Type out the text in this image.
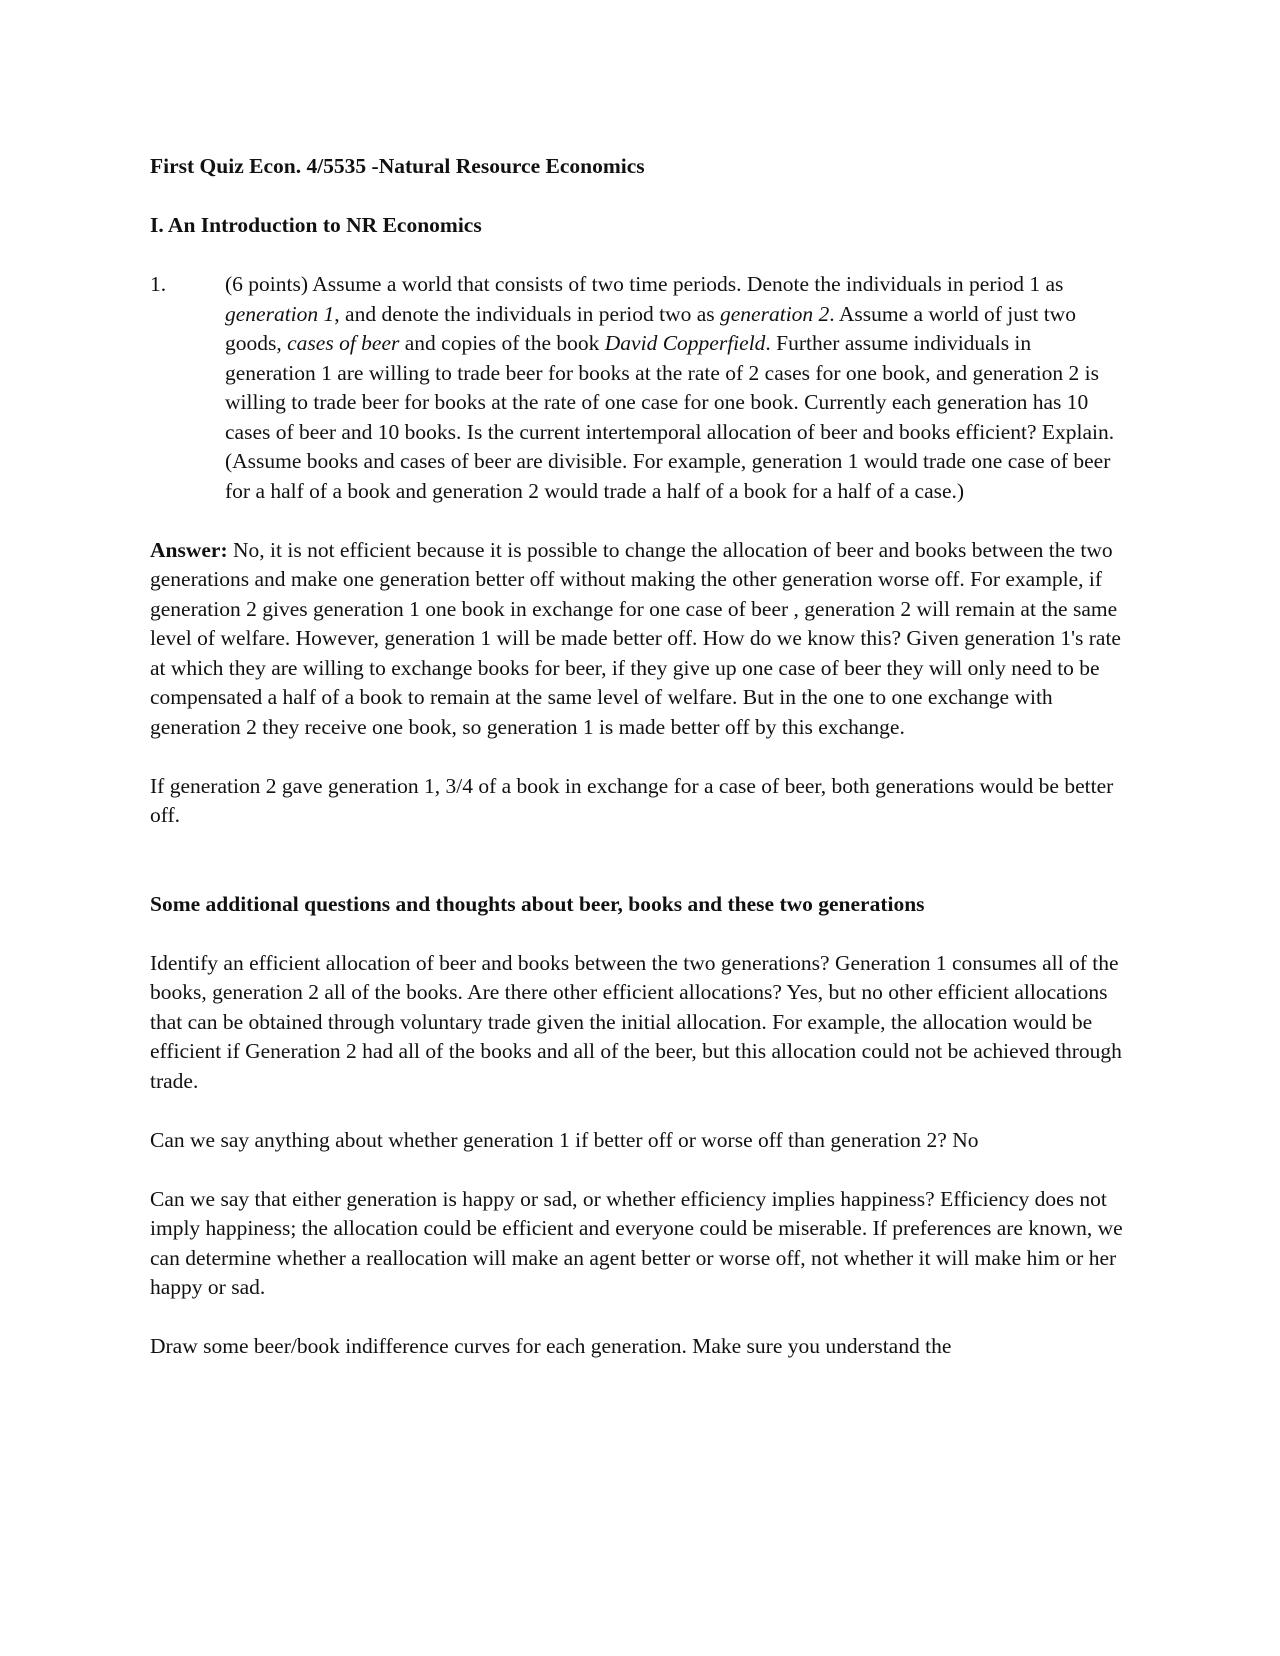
First Quiz Econ. 4/5535 -Natural Resource Economics

I. An Introduction to NR Economics

1.	(6 points) Assume a world that consists of two time periods. Denote the individuals in period 1 as generation 1, and denote the individuals in period two as generation 2. Assume a world of just two goods, cases of beer and copies of the book David Copperfield. Further assume individuals in generation 1 are willing to trade beer for books at the rate of 2 cases for one book, and generation 2 is willing to trade beer for books at the rate of one case for one book. Currently each generation has 10 cases of beer and 10 books. Is the current intertemporal allocation of beer and books efficient? Explain. (Assume books and cases of beer are divisible. For example, generation 1 would trade one case of beer for a half of a book and generation 2 would trade a half of a book for a half of a case.)

Answer: No, it is not efficient because it is possible to change the allocation of beer and books between the two generations and make one generation better off without making the other generation worse off. For example, if generation 2 gives generation 1 one book in exchange for one case of beer , generation 2 will remain at the same level of welfare. However, generation 1 will be made better off. How do we know this? Given generation 1's rate at which they are willing to exchange books for beer, if they give up one case of beer they will only need to be compensated a half of a book to remain at the same level of welfare. But in the one to one exchange with generation 2 they receive one book, so generation 1 is made better off by this exchange.

If generation 2 gave generation 1, 3/4 of a book in exchange for a case of beer, both generations would be better off.

Some additional questions and thoughts about beer, books and these two generations

Identify an efficient allocation of beer and books between the two generations? Generation 1 consumes all of the books, generation 2 all of the books. Are there other efficient allocations? Yes, but no other efficient allocations that can be obtained through voluntary trade given the initial allocation. For example, the allocation would be efficient if Generation 2 had all of the books and all of the beer, but this allocation could not be achieved through trade.

Can we say anything about whether generation 1 if better off or worse off than generation 2? No

Can we say that either generation is happy or sad, or whether efficiency implies happiness? Efficiency does not imply happiness; the allocation could be efficient and everyone could be miserable. If preferences are known, we can determine whether a reallocation will make an agent better or worse off, not whether it will make him or her happy or sad.

Draw some beer/book indifference curves for each generation. Make sure you understand the
